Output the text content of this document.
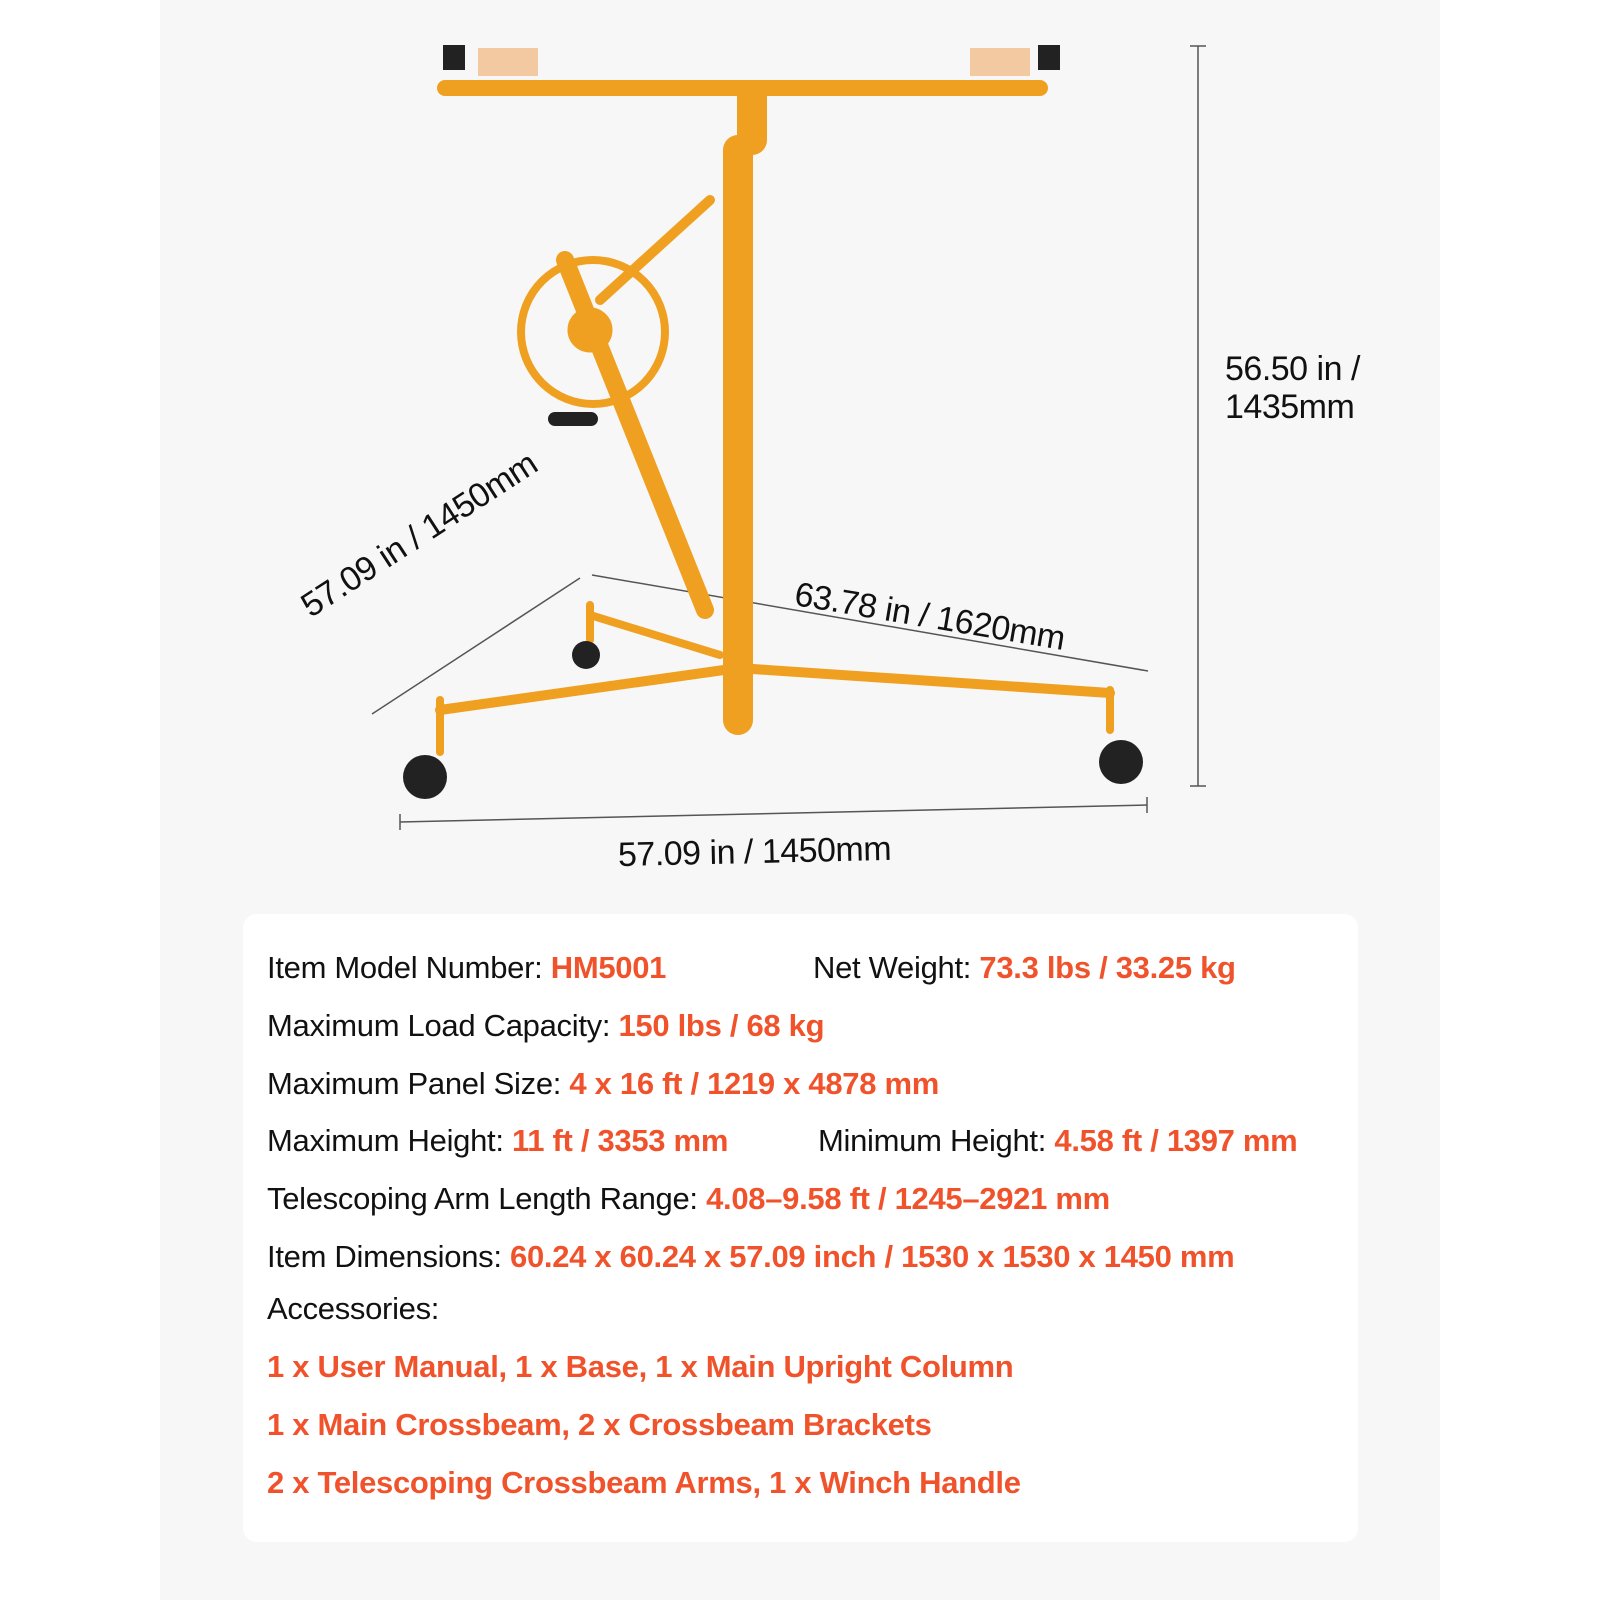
56.50 in /
1435mm
57.09 in / 1450mm
57.09 in / 1450mm	63.78 in / 1620mm
Item Model Number: HM5001	Net Weight: 73.3 lbs / 33.25 kg
Maximum Load Capacity: 150 lbs / 68 kg
Maximum Panel Size: 4 x 16 ft / 1219 x 4878 mm
Maximum Height: 11 ft / 3353 mm	Minimum Height: 4.58 ft / 1397 mm
Telescoping Arm Length Range: 4.08–9.58 ft / 1245–2921 mm
Item Dimensions: 60.24 x 60.24 x 57.09 inch / 1530 x 1530 x 1450 mm
Accessories:
1 x User Manual, 1 x Base, 1 x Main Upright Column
1 x Main Crossbeam, 2 x Crossbeam Brackets
2 x Telescoping Crossbeam Arms, 1 x Winch Handle
